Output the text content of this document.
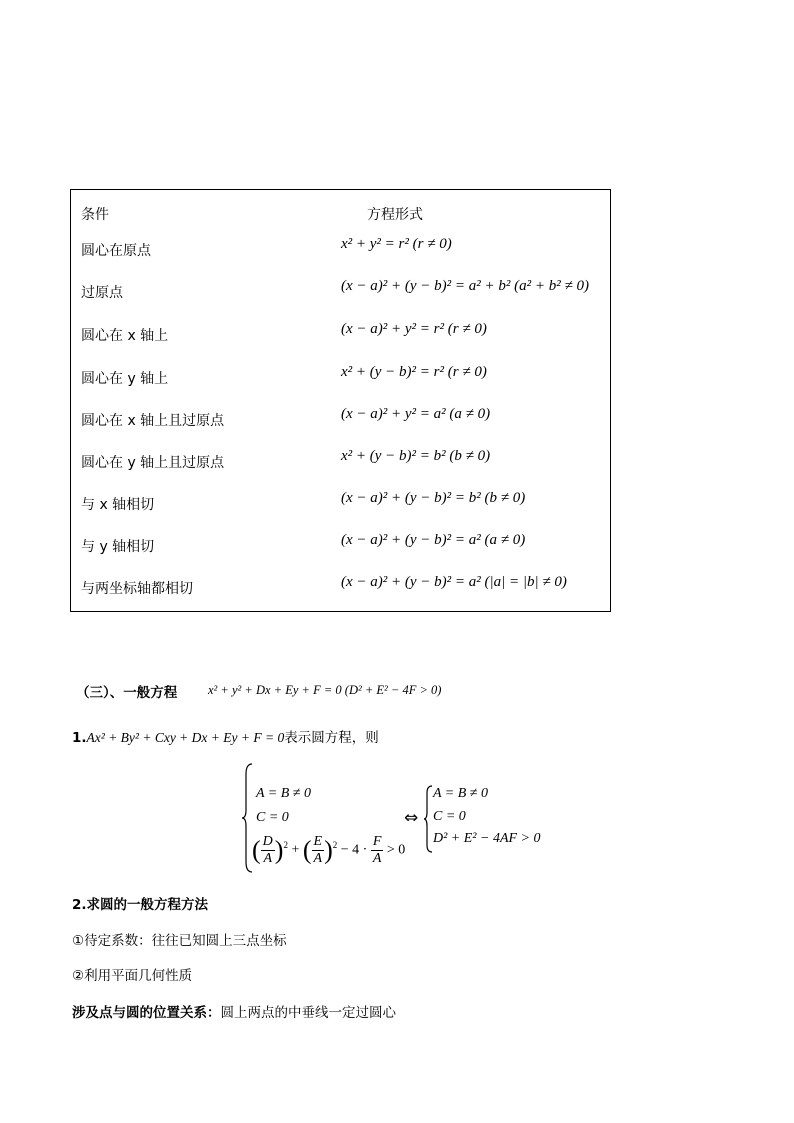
条件	方程形式
圆心在原点	x² + y² = r² (r ≠ 0)
过原点	(x − a)² + (y − b)² = a² + b² (a² + b² ≠ 0)
圆心在 x 轴上	(x − a)² + y² = r² (r ≠ 0)
圆心在 y 轴上	x² + (y − b)² = r² (r ≠ 0)
圆心在 x 轴上且过原点	(x − a)² + y² = a² (a ≠ 0)
圆心在 y 轴上且过原点	x² + (y − b)² = b² (b ≠ 0)
与 x 轴相切	(x − a)² + (y − b)² = b² (b ≠ 0)
与 y 轴相切	(x − a)² + (y − b)² = a² (a ≠ 0)
与两坐标轴都相切	(x − a)² + (y − b)² = a² (|a| = |b| ≠ 0)
（三）、一般方程 x² + y² + Dx + Ey + F = 0 (D² + E² − 4F > 0)
1.Ax² + By² + Cxy + Dx + Ey + F = 0表示圆方程，则
A = B ≠ 0
C = 0
( $\frac{D}{A} )^2$ + ( $\frac{E}{A} )^2 - 4 \cdot \frac{F}{A} > 0$
⇔
A = B ≠ 0
C = 0
D² + E² − 4AF > 0
2.求圆的一般方程方法
①待定系数：往往已知圆上三点坐标
②利用平面几何性质
涉及点与圆的位置关系：圆上两点的中垂线一定过圆心
